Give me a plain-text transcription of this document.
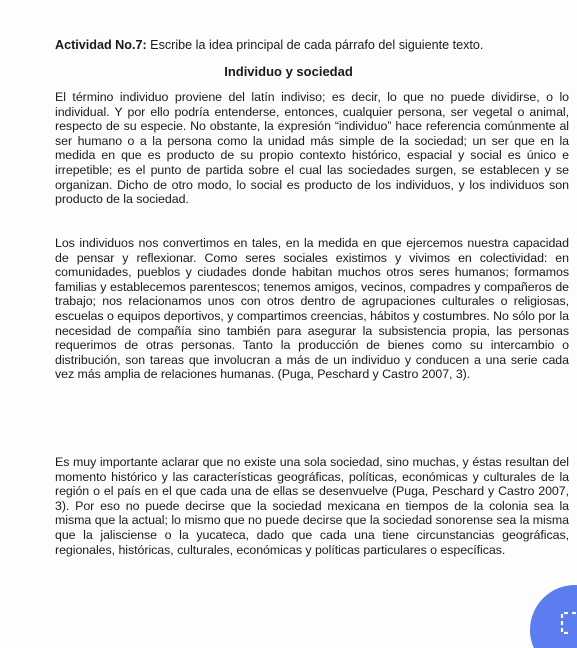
Actividad No.7: Escribe la idea principal de cada párrafo del siguiente texto.
Individuo y sociedad

El término individuo proviene del latín indiviso; es decir, lo que no puede dividirse, o lo individual. Y por ello podría entenderse, entonces, cualquier persona, ser vegetal o animal, respecto de su especie. No obstante, la expresión “individuo” hace referencia comúnmente al ser humano o a la persona como la unidad más simple de la sociedad; un ser que en la medida en que es producto de su propio contexto histórico, espacial y social es único e irrepetible; es el punto de partida sobre el cual las sociedades surgen, se establecen y se organizan. Dicho de otro modo, lo social es producto de los individuos, y los individuos son producto de la sociedad.

Los individuos nos convertimos en tales, en la medida en que ejercemos nuestra capacidad de pensar y reflexionar. Como seres sociales existimos y vivimos en colectividad: en comunidades, pueblos y ciudades donde habitan muchos otros seres humanos; formamos familias y establecemos parentescos; tenemos amigos, vecinos, compadres y compañeros de trabajo; nos relacionamos unos con otros dentro de agrupaciones culturales o religiosas, escuelas o equipos deportivos, y compartimos creencias, hábitos y costumbres. No sólo por la necesidad de compañía sino también para asegurar la subsistencia propia, las personas requerimos de otras personas. Tanto la producción de bienes como su intercambio o distribución, son tareas que involucran a más de un individuo y conducen a una serie cada vez más amplia de relaciones humanas. (Puga, Peschard y Castro 2007, 3).

Es muy importante aclarar que no existe una sola sociedad, sino muchas, y éstas resultan del momento histórico y las características geográficas, políticas, económicas y culturales de la región o el país en el que cada una de ellas se desenvuelve (Puga, Peschard y Castro 2007, 3). Por eso no puede decirse que la sociedad mexicana en tiempos de la colonia sea la misma que la actual; lo mismo que no puede decirse que la sociedad sonorense sea la misma que la jalisciense o la yucateca, dado que cada una tiene circunstancias geográficas, regionales, históricas, culturales, económicas y políticas particulares o específicas.
